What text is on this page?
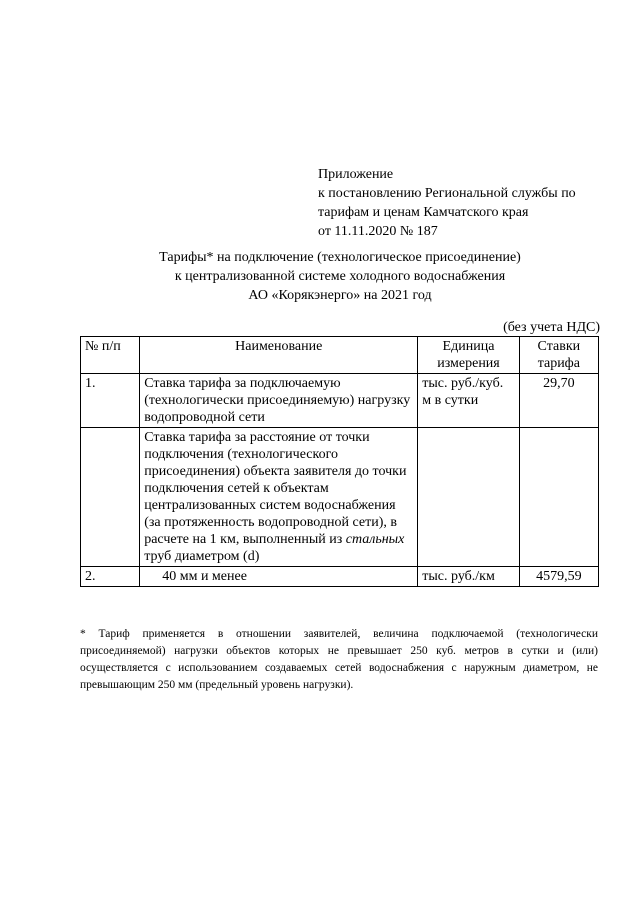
Приложение
к постановлению Региональной службы по
тарифам и ценам Камчатского края
от 11.11.2020 № 187
Тарифы* на подключение (технологическое присоединение)
к централизованной системе холодного водоснабжения
АО «Корякэнерго» на 2021 год
(без учета НДС)
№ п/п	Наименование	Единица измерения	Ставки тарифа
1.	Ставка тарифа за подключаемую (технологически присоединяемую) нагрузку водопроводной сети	тыс. руб./куб. м в сутки	29,70
	Ставка тарифа за расстояние от точки подключения (технологического присоединения) объекта заявителя до точки подключения сетей к объектам централизованных систем водоснабжения (за протяженность водопроводной сети), в расчете на 1 км, выполненный из стальных труб диаметром (d)		
2.	40 мм и менее	тыс. руб./км	4579,59
* Тариф применяется в отношении заявителей, величина подключаемой (технологически присоединяемой) нагрузки объектов которых не превышает 250 куб. метров в сутки и (или) осуществляется с использованием создаваемых сетей водоснабжения с наружным диаметром, не превышающим 250 мм (предельный уровень нагрузки).
